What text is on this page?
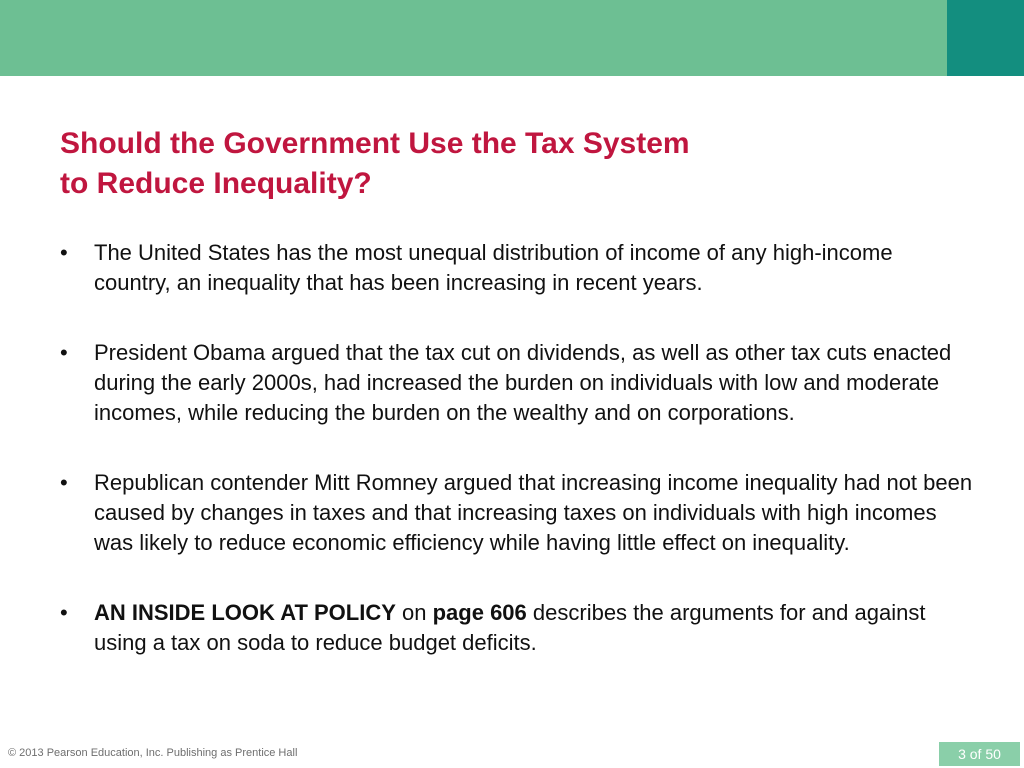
Should the Government Use the Tax System
to Reduce Inequality?
•	The United States has the most unequal distribution of income of any high-income country, an inequality that has been increasing in recent years.
•	President Obama argued that the tax cut on dividends, as well as other tax cuts enacted during the early 2000s, had increased the burden on individuals with low and moderate incomes, while reducing the burden on the wealthy and on corporations.
•	Republican contender Mitt Romney argued that increasing income inequality had not been caused by changes in taxes and that increasing taxes on individuals with high incomes was likely to reduce economic efficiency while having little effect on inequality.
•	AN INSIDE LOOK AT POLICY on page 606 describes the arguments for and against using a tax on soda to reduce budget deficits.
© 2013 Pearson Education, Inc. Publishing as Prentice Hall	3 of 50
